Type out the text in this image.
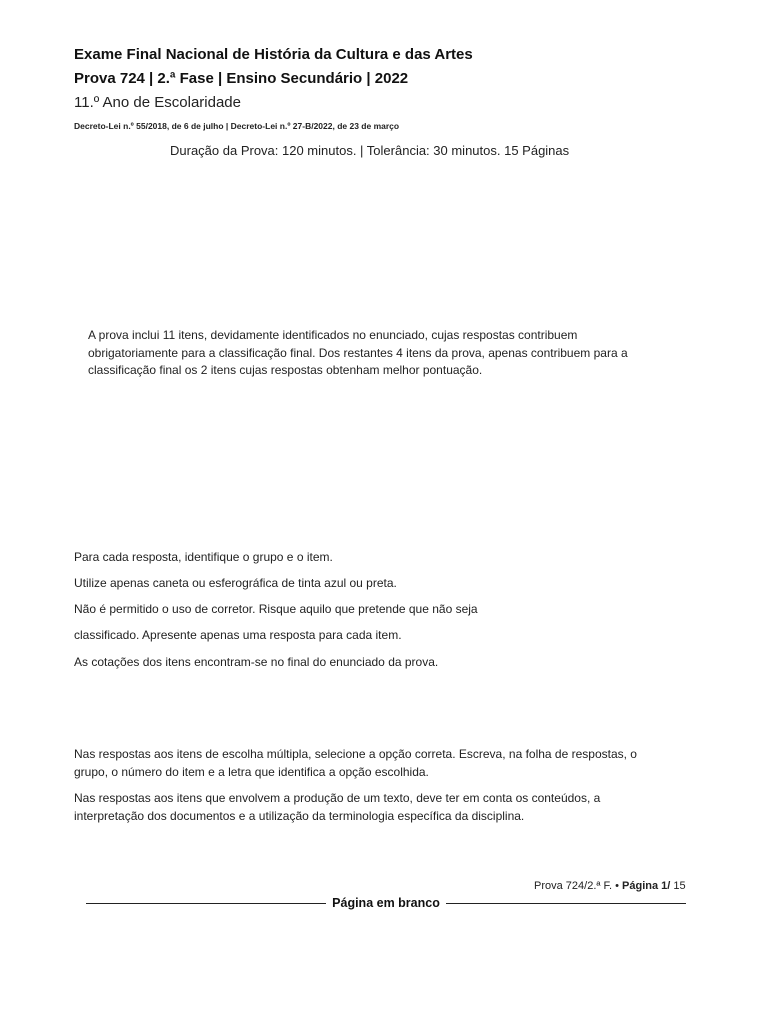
Exame Final Nacional de História da Cultura e das Artes
Prova 724 | 2.ª Fase | Ensino Secundário | 2022
11.º Ano de Escolaridade
Decreto-Lei n.º 55/2018, de 6 de julho | Decreto-Lei n.º 27-B/2022, de 23 de março
Duração da Prova: 120 minutos. | Tolerância: 30 minutos. 15 Páginas
A prova inclui 11 itens, devidamente identificados no enunciado, cujas respostas contribuem
obrigatoriamente para a classificação final. Dos restantes 4 itens da prova, apenas contribuem para a
classificação final os 2 itens cujas respostas obtenham melhor pontuação.
Para cada resposta, identifique o grupo e o item.
Utilize apenas caneta ou esferográfica de tinta azul ou preta.
Não é permitido o uso de corretor. Risque aquilo que pretende que não seja
classificado. Apresente apenas uma resposta para cada item.
As cotações dos itens encontram-se no final do enunciado da prova.
Nas respostas aos itens de escolha múltipla, selecione a opção correta. Escreva, na folha de respostas, o
grupo, o número do item e a letra que identifica a opção escolhida.
Nas respostas aos itens que envolvem a produção de um texto, deve ter em conta os conteúdos, a
interpretação dos documentos e a utilização da terminologia específica da disciplina.
Prova 724/2.ª F. • Página 1/ 15
Página em branco
